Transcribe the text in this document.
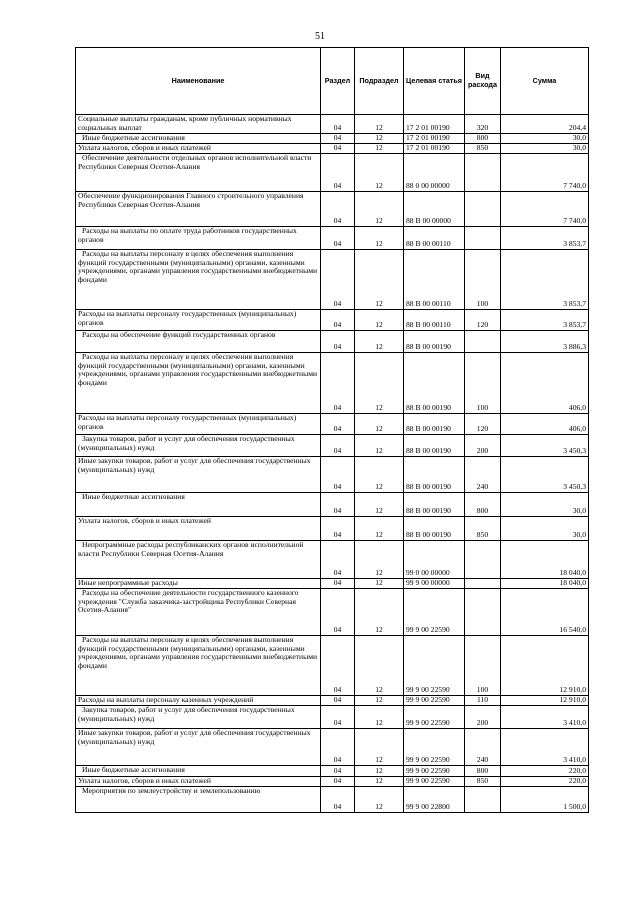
51
Наименование	Раздел	Подраздел	Целевая статья	Вид расхода	Сумма
Социальные выплаты гражданам, кроме публичных нормативных социальных выплат	04	12	17 2 01 00190	320	204,4
Иные бюджетные ассигнования	04	12	17 2 01 00190	800	30,0
Уплата налогов, сборов и иных платежей	04	12	17 2 01 00190	850	30,0
Обеспечение деятельности отдельных органов исполнительной власти Республики Северная Осетия-Алания	04	12	88 0 00 00000		7 740,0
Обеспечение функционирования Главного строительного управления Республики Северная Осетия-Алания	04	12	88 В 00 00000		7 740,0
Расходы на выплаты по оплате труда работников государственных органов	04	12	88 В 00 00110		3 853,7
Расходы на выплаты персоналу в целях обеспечения выполнения функций государственными (муниципальными) органами, казенными учреждениями, органами управления государственными внебюджетными фондами	04	12	88 В 00 00110	100	3 853,7
Расходы на выплаты персоналу государственных (муниципальных) органов	04	12	88 В 00 00110	120	3 853,7
Расходы на обеспечение функций государственных органов	04	12	88 В 00 00190		3 886,3
Расходы на выплаты персоналу в целях обеспечения выполнения функций государственными (муниципальными) органами, казенными учреждениями, органами управления государственными внебюджетными фондами	04	12	88 В 00 00190	100	406,0
Расходы на выплаты персоналу государственных (муниципальных) органов	04	12	88 В 00 00190	120	406,0
Закупка товаров, работ и услуг для обеспечения государственных (муниципальных) нужд	04	12	88 В 00 00190	200	3 450,3
Иные закупки товаров, работ и услуг для обеспечения государственных (муниципальных) нужд	04	12	88 В 00 00190	240	3 450,3
Иные бюджетные ассигнования	04	12	88 В 00 00190	800	30,0
Уплата налогов, сборов и иных платежей	04	12	88 В 00 00190	850	30,0
Непрограммные расходы республиканских органов исполнительной власти Республики Северная Осетия-Алания	04	12	99 0 00 00000		18 040,0
Иные непрограммные расходы	04	12	99 9 00 00000		18 040,0
Расходы на обеспечение деятельности государственного казенного учреждения "Служба заказчика-застройщика Республики Северная Осетия-Алания"	04	12	99 9 00 22590		16 540,0
Расходы на выплаты персоналу в целях обеспечения выполнения функций государственными (муниципальными) органами, казенными учреждениями, органами управления государственными внебюджетными фондами	04	12	99 9 00 22590	100	12 910,0
Расходы на выплаты персоналу казенных учреждений	04	12	99 9 00 22590	110	12 910,0
Закупка товаров, работ и услуг для обеспечения государственных (муниципальных) нужд	04	12	99 9 00 22590	200	3 410,0
Иные закупки товаров, работ и услуг для обеспечения государственных (муниципальных) нужд	04	12	99 9 00 22590	240	3 410,0
Иные бюджетные ассигнования	04	12	99 9 00 22590	800	220,0
Уплата налогов, сборов и иных платежей	04	12	99 9 00 22590	850	220,0
Мероприятия по землеустройству и землепользованию	04	12	99 9 00 22800		1 500,0
